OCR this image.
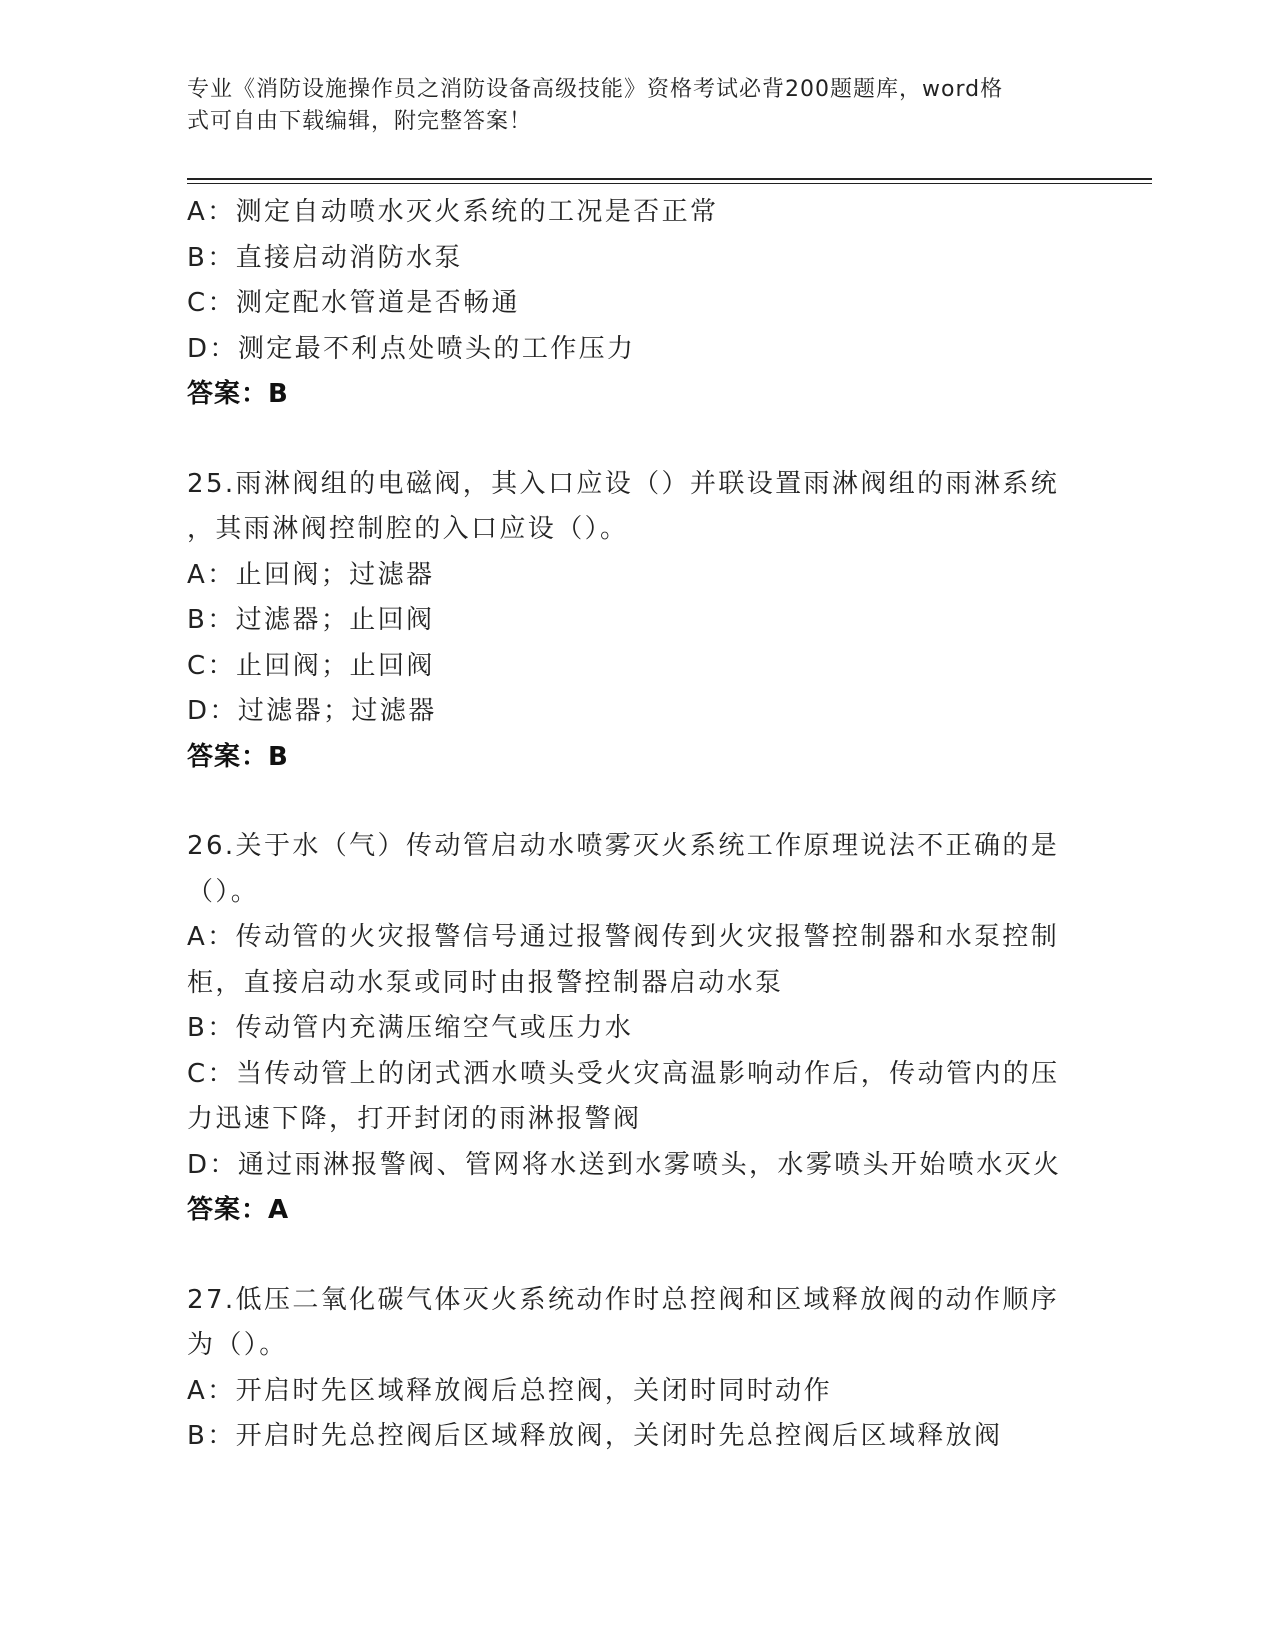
专业《消防设施操作员之消防设备高级技能》资格考试必背200题题库，word格
式可自由下载编辑，附完整答案！
A：测定自动喷水灭火系统的工况是否正常
B：直接启动消防水泵
C：测定配水管道是否畅通
D：测定最不利点处喷头的工作压力
答案：B
25.雨淋阀组的电磁阀，其入口应设（）并联设置雨淋阀组的雨淋系统
，其雨淋阀控制腔的入口应设（）。
A：止回阀；过滤器
B：过滤器；止回阀
C：止回阀；止回阀
D：过滤器；过滤器
答案：B
26.关于水（气）传动管启动水喷雾灭火系统工作原理说法不正确的是
（）。
A：传动管的火灾报警信号通过报警阀传到火灾报警控制器和水泵控制
柜，直接启动水泵或同时由报警控制器启动水泵
B：传动管内充满压缩空气或压力水
C：当传动管上的闭式洒水喷头受火灾高温影响动作后，传动管内的压
力迅速下降，打开封闭的雨淋报警阀
D：通过雨淋报警阀、管网将水送到水雾喷头，水雾喷头开始喷水灭火
答案：A
27.低压二氧化碳气体灭火系统动作时总控阀和区域释放阀的动作顺序
为（）。
A：开启时先区域释放阀后总控阀，关闭时同时动作
B：开启时先总控阀后区域释放阀，关闭时先总控阀后区域释放阀
